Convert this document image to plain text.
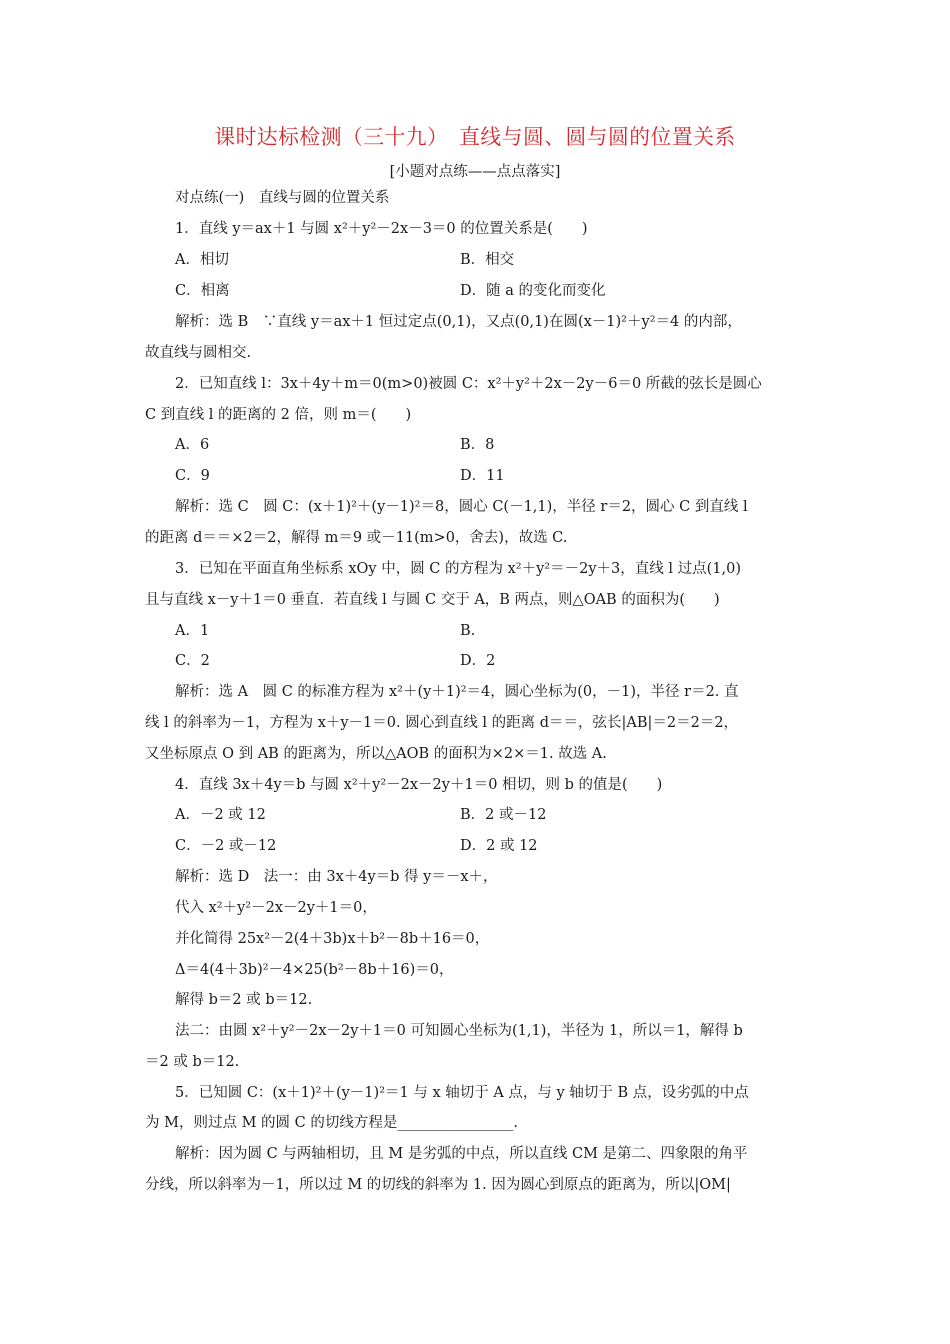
课时达标检测（三十九）　直线与圆、圆与圆的位置关系
[小题对点练——点点落实]
对点练(一)　直线与圆的位置关系
1．直线 y＝ax＋1 与圆 x²＋y²－2x－3＝0 的位置关系是(　　)
A．相切	B．相交
C．相离	D．随 a 的变化而变化
解析：选 B　∵直线 y＝ax＋1 恒过定点(0,1)，又点(0,1)在圆(x－1)²＋y²＝4 的内部，
故直线与圆相交.
2．已知直线 l：3x＋4y＋m＝0(m>0)被圆 C：x²＋y²＋2x－2y－6＝0 所截的弦长是圆心
C 到直线 l 的距离的 2 倍，则 m＝(　　)
A．6	B．8
C．9	D．11
解析：选 C　圆 C：(x＋1)²＋(y－1)²＝8，圆心 C(－1,1)，半径 r＝2，圆心 C 到直线 l
的距离 d＝＝×2＝2，解得 m＝9 或－11(m>0，舍去)，故选 C.
3．已知在平面直角坐标系 xOy 中，圆 C 的方程为 x²＋y²＝－2y＋3，直线 l 过点(1,0)
且与直线 x－y＋1＝0 垂直．若直线 l 与圆 C 交于 A，B 两点，则△OAB 的面积为(　　)
A．1	B.
C．2	D．2
解析：选 A　圆 C 的标准方程为 x²＋(y＋1)²＝4，圆心坐标为(0，－1)，半径 r＝2. 直
线 l 的斜率为－1，方程为 x＋y－1＝0. 圆心到直线 l 的距离 d＝＝，弦长|AB|＝2＝2＝2，
又坐标原点 O 到 AB 的距离为，所以△AOB 的面积为×2×＝1. 故选 A.
4．直线 3x＋4y＝b 与圆 x²＋y²－2x－2y＋1＝0 相切，则 b 的值是(　　)
A．－2 或 12	B．2 或－12
C．－2 或－12	D．2 或 12
解析：选 D　法一：由 3x＋4y＝b 得 y＝－x＋，
代入 x²＋y²－2x－2y＋1＝0，
并化简得 25x²－2(4＋3b)x＋b²－8b＋16＝0，
Δ＝4(4＋3b)²－4×25(b²－8b＋16)＝0，
解得 b＝2 或 b＝12.
法二：由圆 x²＋y²－2x－2y＋1＝0 可知圆心坐标为(1,1)，半径为 1，所以＝1，解得 b
＝2 或 b＝12.
5．已知圆 C：(x＋1)²＋(y－1)²＝1 与 x 轴切于 A 点，与 y 轴切于 B 点，设劣弧的中点
为 M，则过点 M 的圆 C 的切线方程是________________.
解析：因为圆 C 与两轴相切，且 M 是劣弧的中点，所以直线 CM 是第二、四象限的角平
分线，所以斜率为－1，所以过 M 的切线的斜率为 1. 因为圆心到原点的距离为，所以|OM|
